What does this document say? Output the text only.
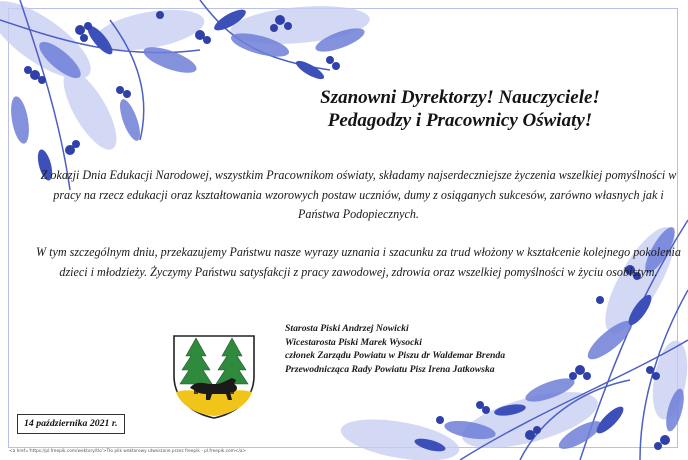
Szanowni Dyrektorzy! Nauczyciele!
Pedagodzy i Pracownicy Oświaty!
Z okazji Dnia Edukacji Narodowej, wszystkim Pracownikom oświaty, składamy najserdeczniejsze życzenia wszelkiej pomyślności w pracy na rzecz edukacji oraz kształtowania wzorowych postaw uczniów, dumy z osiąganych sukcesów, zarówno własnych jak i Państwa Podopiecznych.
W tym szczególnym dniu, przekazujemy Państwu nasze wyrazy uznania i szacunku za trud włożony w kształcenie kolejnego pokolenia dzieci i młodzieży. Życzymy Państwu satysfakcji z pracy zawodowej, zdrowia oraz wszelkiej pomyślności w życiu osobistym.
Starosta Piski Andrzej Nowicki
Wicestarosta Piski Marek Wysocki
członek Zarządu Powiatu w Piszu dr Waldemar Brenda
Przewodnicząca Rady Powiatu Pisz Irena Jatkowska
14 października 2021 r.
<a href='https://pl.freepik.com/wektory/tlo'>Tło plik wektorowy utworzone przez freepik - pl.freepik.com</a>
